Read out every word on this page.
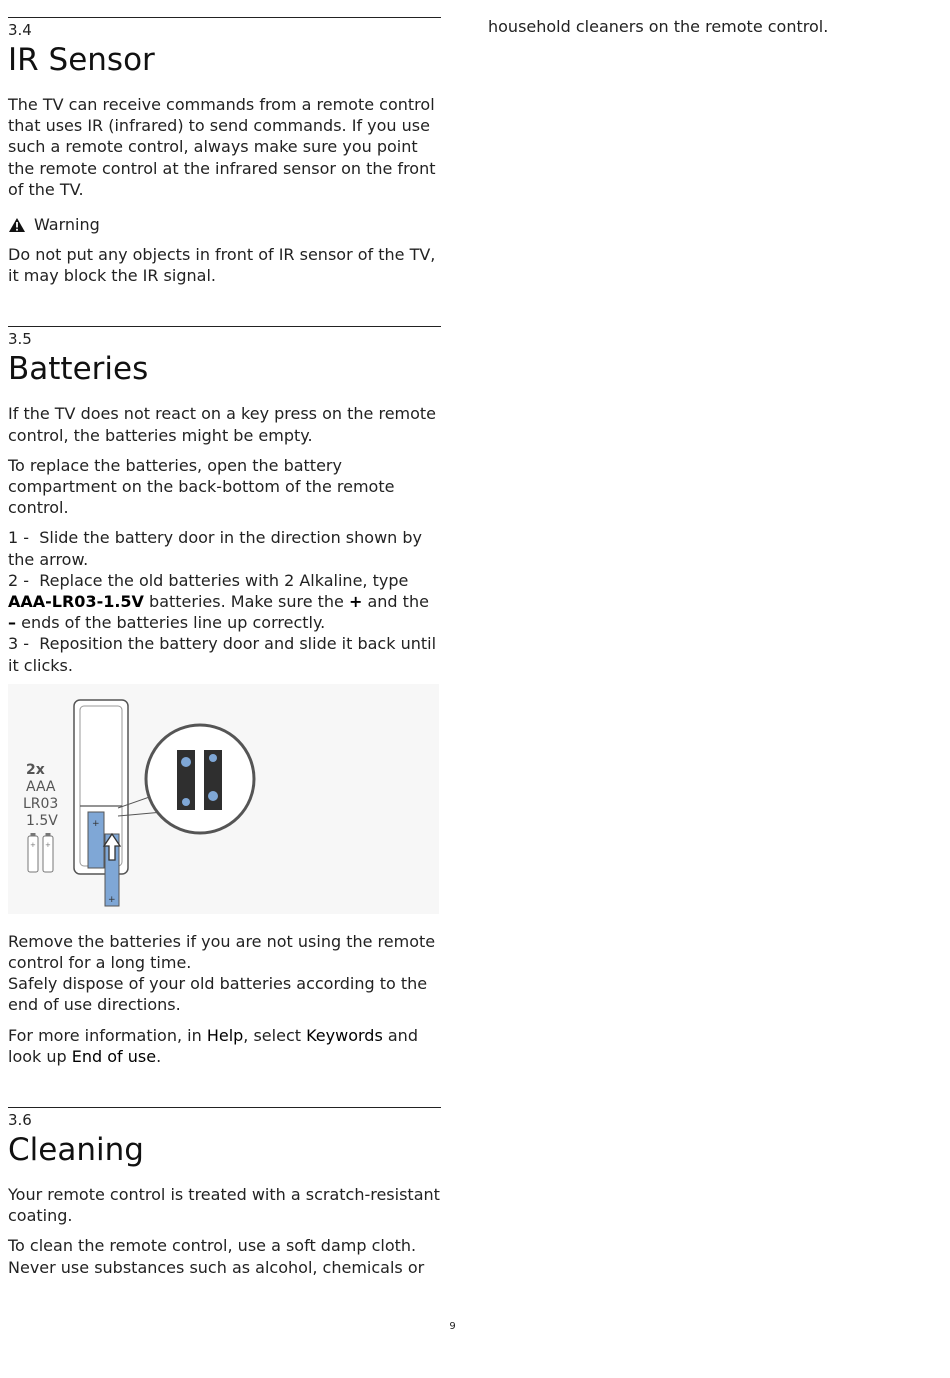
3.4
IR Sensor

The TV can receive commands from a remote control that uses IR (infrared) to send commands. If you use such a remote control, always make sure you point the remote control at the infrared sensor on the front of the TV.

Warning

Do not put any objects in front of IR sensor of the TV, it may block the IR signal.

3.5
Batteries

If the TV does not react on a key press on the remote control, the batteries might be empty.

To replace the batteries, open the battery compartment on the back-bottom of the remote control.

1 - Slide the battery door in the direction shown by the arrow.

2 - Replace the old batteries with 2 Alkaline, type AAA-LR03-1.5V batteries. Make sure the + and the – ends of the batteries line up correctly.

3 - Reposition the battery door and slide it back until it clicks.

2x
AAA
LR03
1.5V
+ +
+
+

Remove the batteries if you are not using the remote control for a long time.

Safely dispose of your old batteries according to the end of use directions.

For more information, in Help, select Keywords and look up End of use.

3.6
Cleaning

Your remote control is treated with a scratch-resistant coating.

To clean the remote control, use a soft damp cloth. Never use substances such as alcohol, chemicals or

household cleaners on the remote control.

9
